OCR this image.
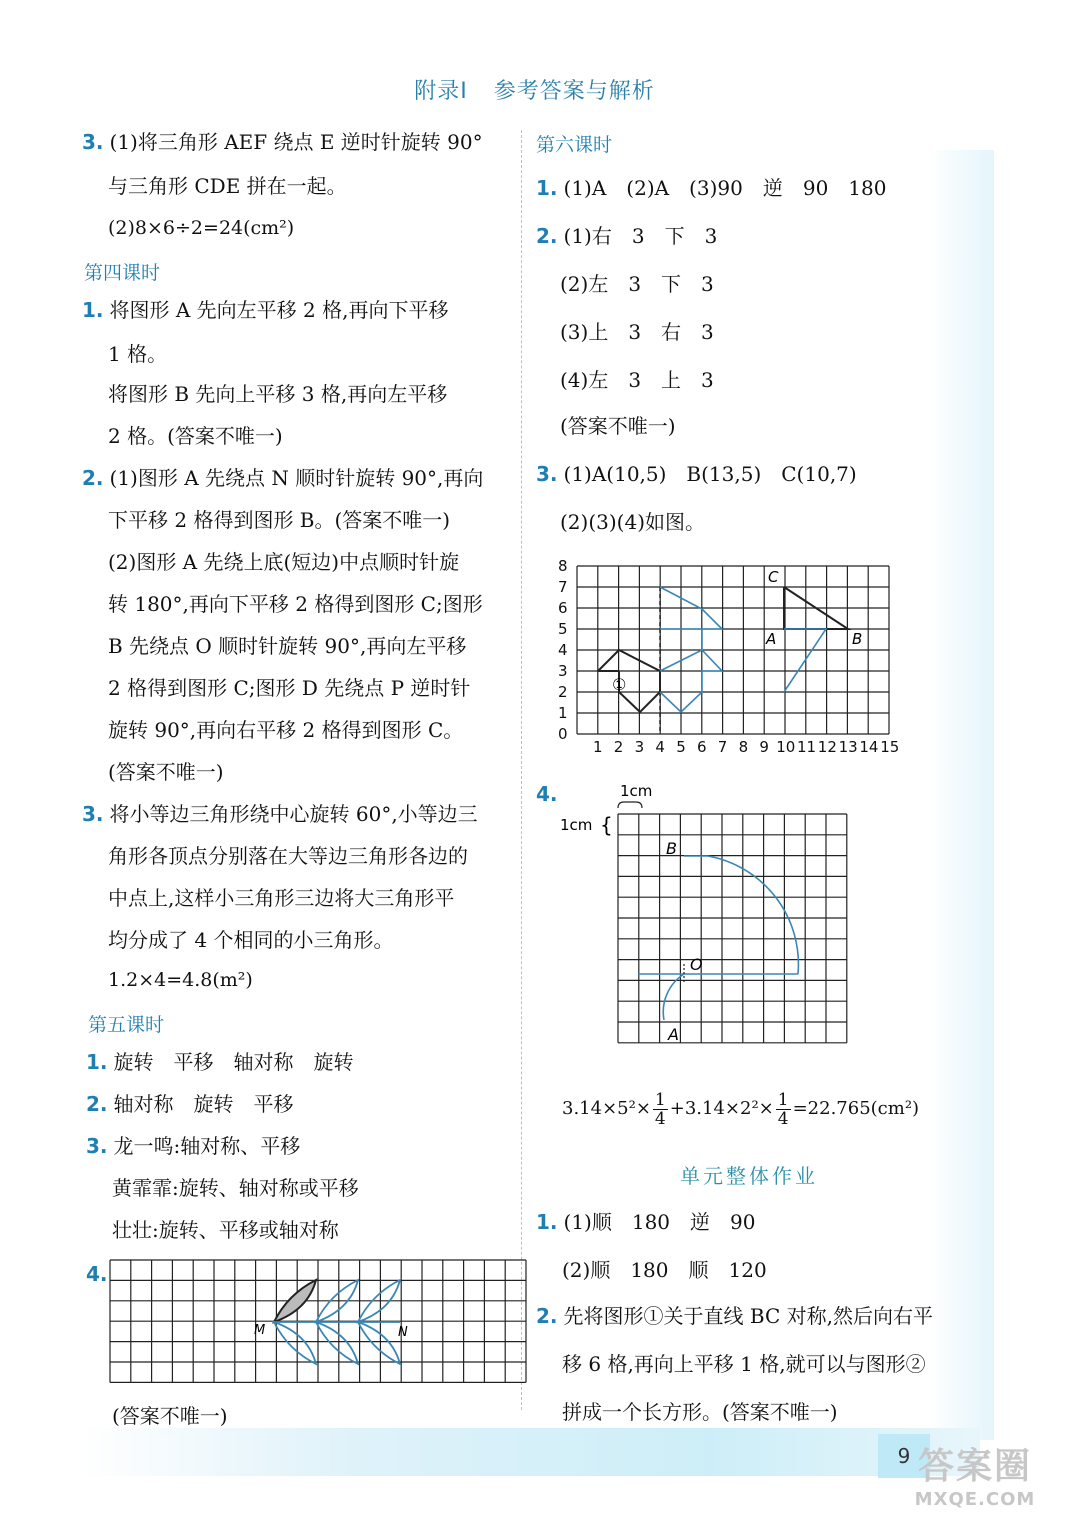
附录Ⅰ 参考答案与解析
3. (1)将三角形 AEF 绕点 E 逆时针旋转 90°
与三角形 CDE 拼在一起。
(2)8×6÷2=24(cm²)
第四课时
1. 将图形 A 先向左平移 2 格,再向下平移
1 格。
将图形 B 先向上平移 3 格,再向左平移
2 格。(答案不唯一)
2. (1)图形 A 先绕点 N 顺时针旋转 90°,再向
下平移 2 格得到图形 B。(答案不唯一)
(2)图形 A 先绕上底(短边)中点顺时针旋
转 180°,再向下平移 2 格得到图形 C;图形
B 先绕点 O 顺时针旋转 90°,再向左平移
2 格得到图形 C;图形 D 先绕点 P 逆时针
旋转 90°,再向右平移 2 格得到图形 C。
(答案不唯一)
3. 将小等边三角形绕中心旋转 60°,小等边三
角形各顶点分别落在大等边三角形各边的
中点上,这样小三角形三边将大三角形平
均分成了 4 个相同的小三角形。
1.2×4=4.8(m²)
第五课时
1. 旋转　平移　轴对称　旋转
2. 轴对称　旋转　平移
3. 龙一鸣:轴对称、平移
黄霏霏:旋转、轴对称或平移
壮壮:旋转、平移或轴对称
4.
M	N
(答案不唯一)
第六课时
1. (1)A　(2)A　(3)90　逆　90　180
2. (1)右　3　下　3
(2)左　3　下　3
(3)上　3　右　3
(4)左　3　上　3
(答案不唯一)
3. (1)A(10,5)　B(13,5)　C(10,7)
(2)(3)(4)如图。
8
7
6
5
4
3
2
1
0
1 2 3 4 5 6 7 8 9 10 11 12 13 14 15
①
C
A	B
4.	1cm
1cm {
B
O
A
$3.14\times 5^2\times \frac{1}{4} +3.14\times 2^2\times \frac{1}{4} =22.765(cm^2)$
单元整体作业
1. (1)顺　180　逆　90
(2)顺　180　顺　120
2. 先将图形①关于直线 BC 对称,然后向右平
移 6 格,再向上平移 1 格,就可以与图形②
拼成一个长方形。(答案不唯一)
9 答案圈
MXQE.COM
